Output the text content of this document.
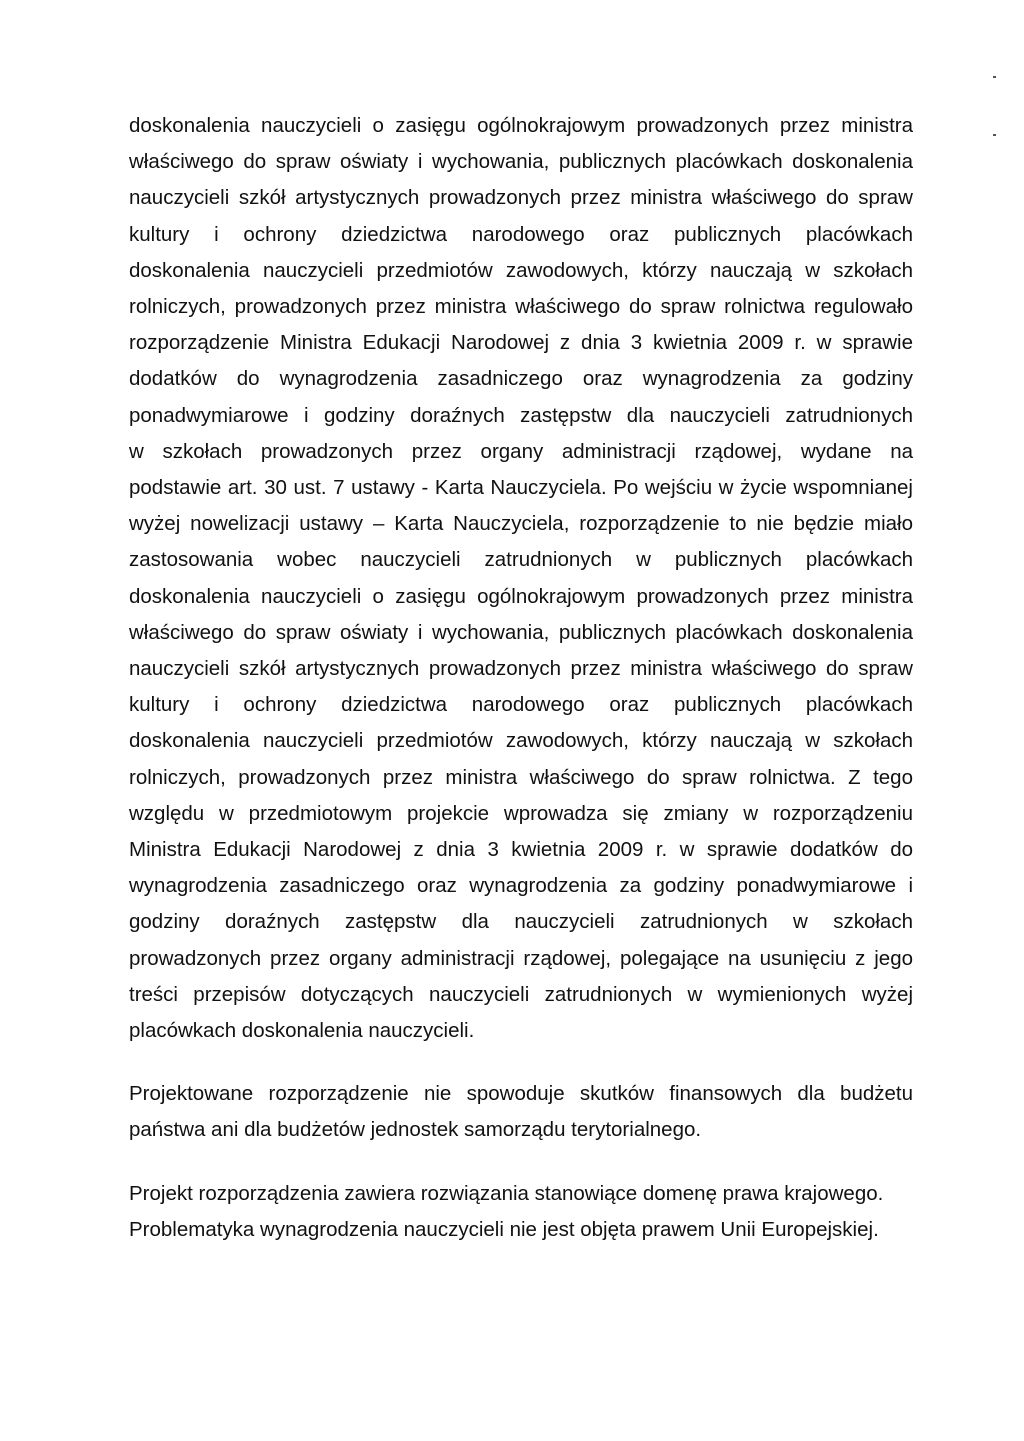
doskonalenia nauczycieli o zasięgu ogólnokrajowym prowadzonych przez ministra
właściwego do spraw oświaty i wychowania, publicznych placówkach doskonalenia
nauczycieli szkół artystycznych prowadzonych przez ministra właściwego do spraw
kultury i ochrony dziedzictwa narodowego oraz publicznych placówkach
doskonalenia nauczycieli przedmiotów zawodowych, którzy nauczają w szkołach
rolniczych, prowadzonych przez ministra właściwego do spraw rolnictwa regulowało
rozporządzenie Ministra Edukacji Narodowej z dnia 3 kwietnia 2009 r. w sprawie
dodatków do wynagrodzenia zasadniczego oraz wynagrodzenia za godziny
ponadwymiarowe i godziny doraźnych zastępstw dla nauczycieli zatrudnionych
w szkołach prowadzonych przez organy administracji rządowej, wydane na
podstawie art. 30 ust. 7 ustawy - Karta Nauczyciela. Po wejściu w życie wspomnianej
wyżej nowelizacji ustawy – Karta Nauczyciela, rozporządzenie to nie będzie miało
zastosowania wobec nauczycieli zatrudnionych w publicznych placówkach
doskonalenia nauczycieli o zasięgu ogólnokrajowym prowadzonych przez ministra
właściwego do spraw oświaty i wychowania, publicznych placówkach doskonalenia
nauczycieli szkół artystycznych prowadzonych przez ministra właściwego do spraw
kultury i ochrony dziedzictwa narodowego oraz publicznych placówkach
doskonalenia nauczycieli przedmiotów zawodowych, którzy nauczają w szkołach
rolniczych, prowadzonych przez ministra właściwego do spraw rolnictwa. Z tego
względu w przedmiotowym projekcie wprowadza się zmiany w rozporządzeniu
Ministra Edukacji Narodowej z dnia 3 kwietnia 2009 r. w sprawie dodatków do
wynagrodzenia zasadniczego oraz wynagrodzenia za godziny ponadwymiarowe i
godziny doraźnych zastępstw dla nauczycieli zatrudnionych w szkołach
prowadzonych przez organy administracji rządowej, polegające na usunięciu z jego
treści przepisów dotyczących nauczycieli zatrudnionych w wymienionych wyżej
placówkach doskonalenia nauczycieli.

Projektowane rozporządzenie nie spowoduje skutków finansowych dla budżetu
państwa ani dla budżetów jednostek samorządu terytorialnego.

Projekt rozporządzenia zawiera rozwiązania stanowiące domenę prawa krajowego.
Problematyka wynagrodzenia nauczycieli nie jest objęta prawem Unii Europejskiej.
